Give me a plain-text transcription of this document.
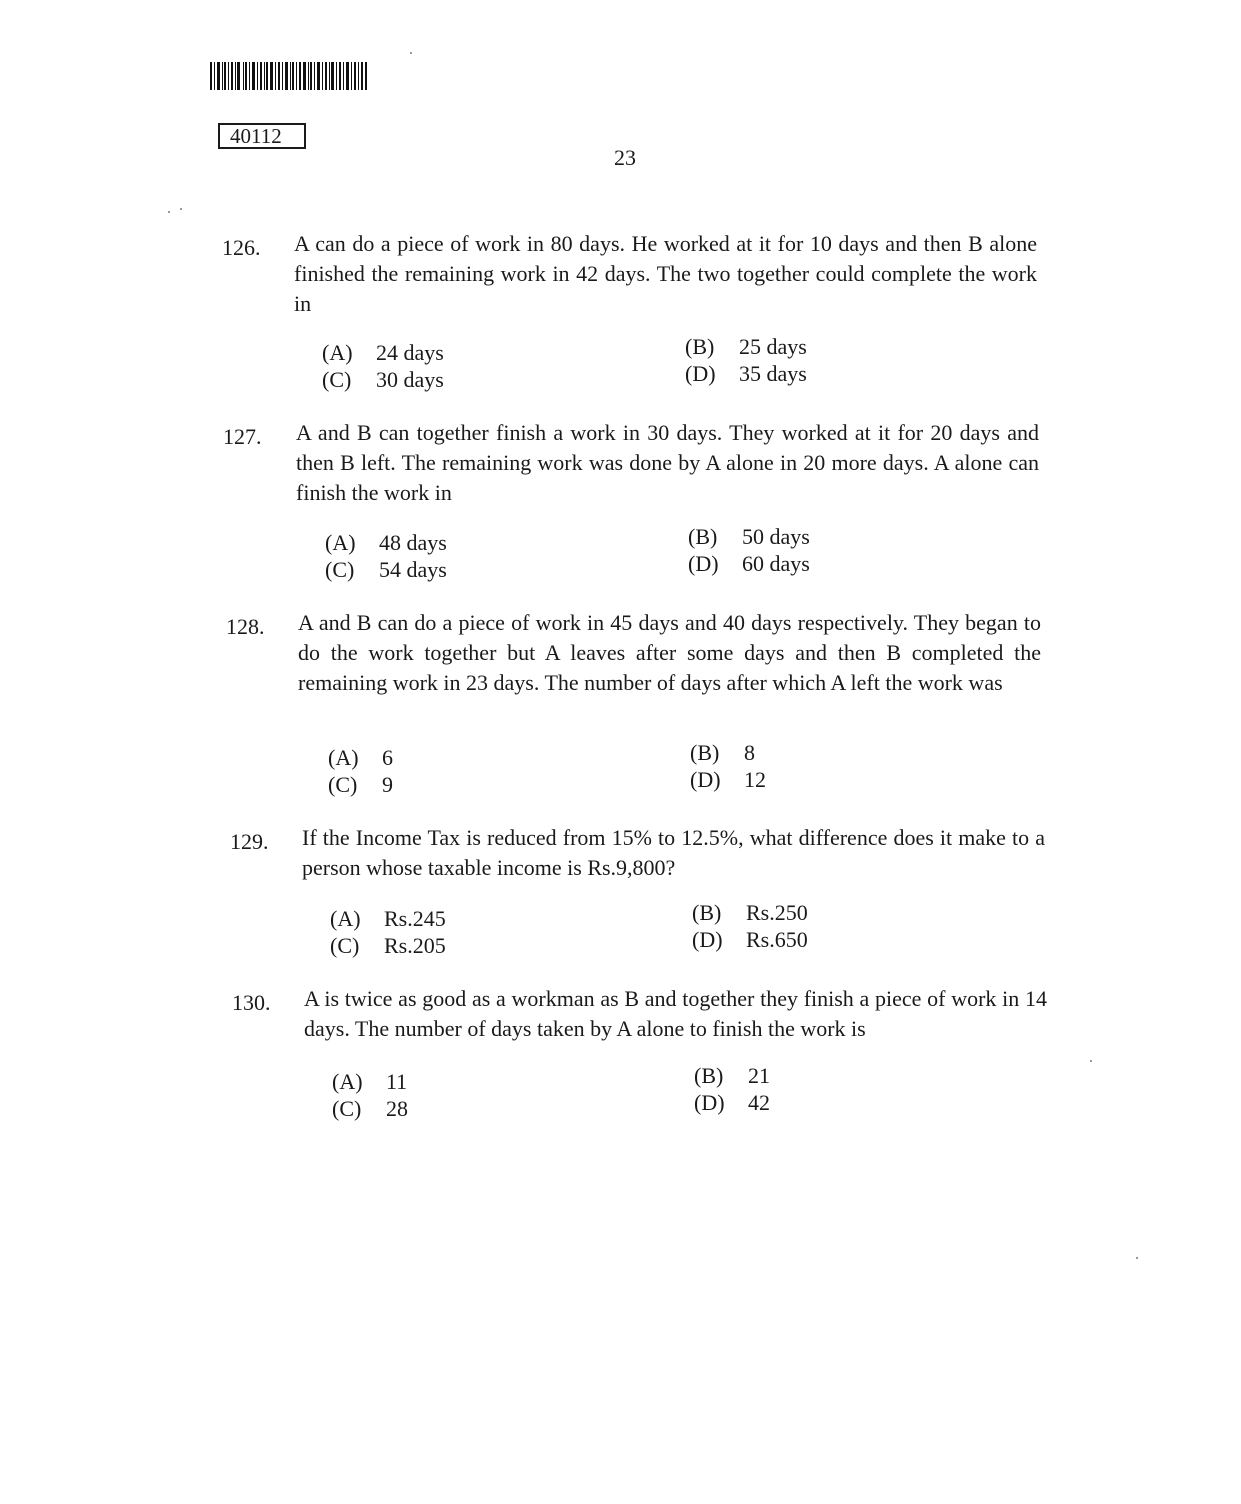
40112
23
126. A can do a piece of work in 80 days. He worked at it for 10 days and then B alone finished the remaining work in 42 days. The two together could complete the work in
(A) 24 days	(B) 25 days
(C) 30 days	(D) 35 days
127. A and B can together finish a work in 30 days. They worked at it for 20 days and then B left. The remaining work was done by A alone in 20 more days. A alone can finish the work in
(A) 48 days	(B) 50 days
(C) 54 days	(D) 60 days
128. A and B can do a piece of work in 45 days and 40 days respectively. They began to do the work together but A leaves after some days and then B completed the remaining work in 23 days. The number of days after which A left the work was
(A) 6	(B) 8
(C) 9	(D) 12
129. If the Income Tax is reduced from 15% to 12.5%, what difference does it make to a person whose taxable income is Rs.9,800?
(A) Rs.245	(B) Rs.250
(C) Rs.205	(D) Rs.650
130. A is twice as good as a workman as B and together they finish a piece of work in 14 days. The number of days taken by A alone to finish the work is
(A) 11	(B) 21
(C) 28	(D) 42
